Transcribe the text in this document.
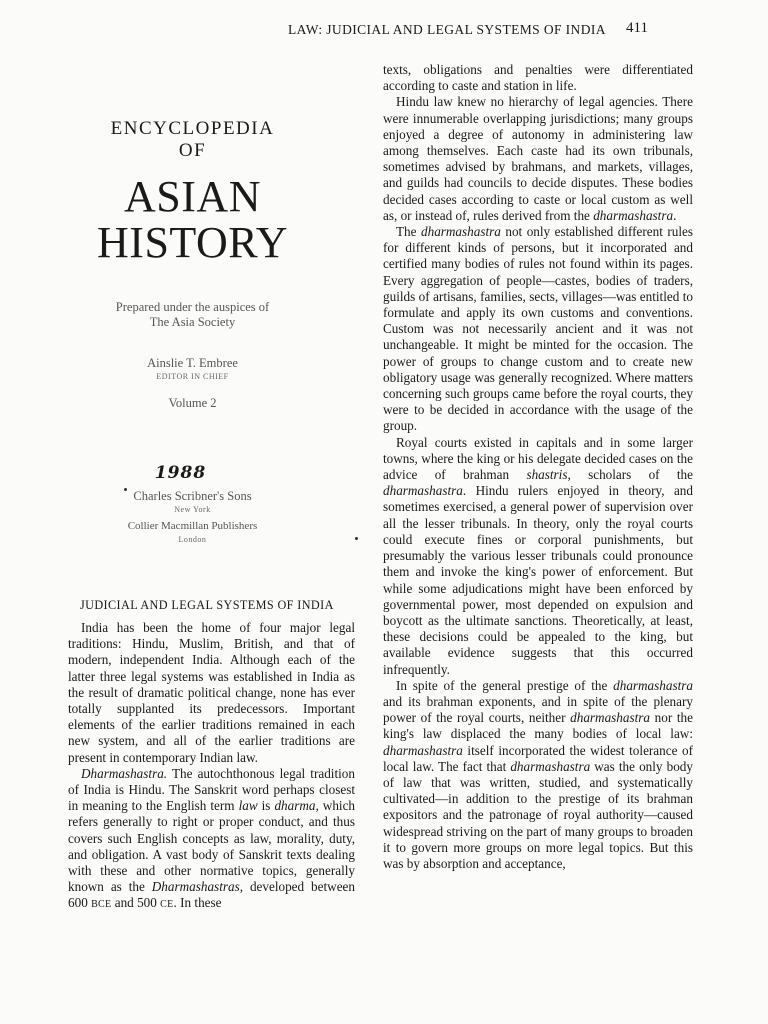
LAW: JUDICIAL AND LEGAL SYSTEMS OF INDIA 411
ENCYCLOPEDIA
OF
ASIAN
HISTORY
Prepared under the auspices of
The Asia Society
Ainslie T. Embree
EDITOR IN CHIEF
Volume 2
1988
Charles Scribner's Sons
New York
Collier Macmillan Publishers
London
JUDICIAL AND LEGAL SYSTEMS OF INDIA

India has been the home of four major legal traditions: Hindu, Muslim, British, and that of modern, independent India. Although each of the latter three legal systems was established in India as the result of dramatic political change, none has ever totally supplanted its predecessors. Important elements of the earlier traditions remained in each new system, and all of the earlier traditions are present in contemporary Indian law.

Dharmashastra. The autochthonous legal tradition of India is Hindu. The Sanskrit word perhaps closest in meaning to the English term law is dharma, which refers generally to right or proper conduct, and thus covers such English concepts as law, morality, duty, and obligation. A vast body of Sanskrit texts dealing with these and other normative topics, generally known as the Dharmashastras, developed between 600 BCE and 500 CE. In these

texts, obligations and penalties were differentiated according to caste and station in life.

Hindu law knew no hierarchy of legal agencies. There were innumerable overlapping jurisdictions; many groups enjoyed a degree of autonomy in administering law among themselves. Each caste had its own tribunals, sometimes advised by brahmans, and markets, villages, and guilds had councils to decide disputes. These bodies decided cases according to caste or local custom as well as, or instead of, rules derived from the dharmashastra.

The dharmashastra not only established different rules for different kinds of persons, but it incorporated and certified many bodies of rules not found within its pages. Every aggregation of people—castes, bodies of traders, guilds of artisans, families, sects, villages—was entitled to formulate and apply its own customs and conventions. Custom was not necessarily ancient and it was not unchangeable. It might be minted for the occasion. The power of groups to change custom and to create new obligatory usage was generally recognized. Where matters concerning such groups came before the royal courts, they were to be decided in accordance with the usage of the group.

Royal courts existed in capitals and in some larger towns, where the king or his delegate decided cases on the advice of brahman shastris, scholars of the dharmashastra. Hindu rulers enjoyed in theory, and sometimes exercised, a general power of supervision over all the lesser tribunals. In theory, only the royal courts could execute fines or corporal punishments, but presumably the various lesser tribunals could pronounce them and invoke the king's power of enforcement. But while some adjudications might have been enforced by governmental power, most depended on expulsion and boycott as the ultimate sanctions. Theoretically, at least, these decisions could be appealed to the king, but available evidence suggests that this occurred infrequently.

In spite of the general prestige of the dharmashastra and its brahman exponents, and in spite of the plenary power of the royal courts, neither dharmashastra nor the king's law displaced the many bodies of local law: dharmashastra itself incorporated the widest tolerance of local law. The fact that dharmashastra was the only body of law that was written, studied, and systematically cultivated—in addition to the prestige of its brahman expositors and the patronage of royal authority—caused widespread striving on the part of many groups to broaden it to govern more groups on more legal topics. But this was by absorption and acceptance,
